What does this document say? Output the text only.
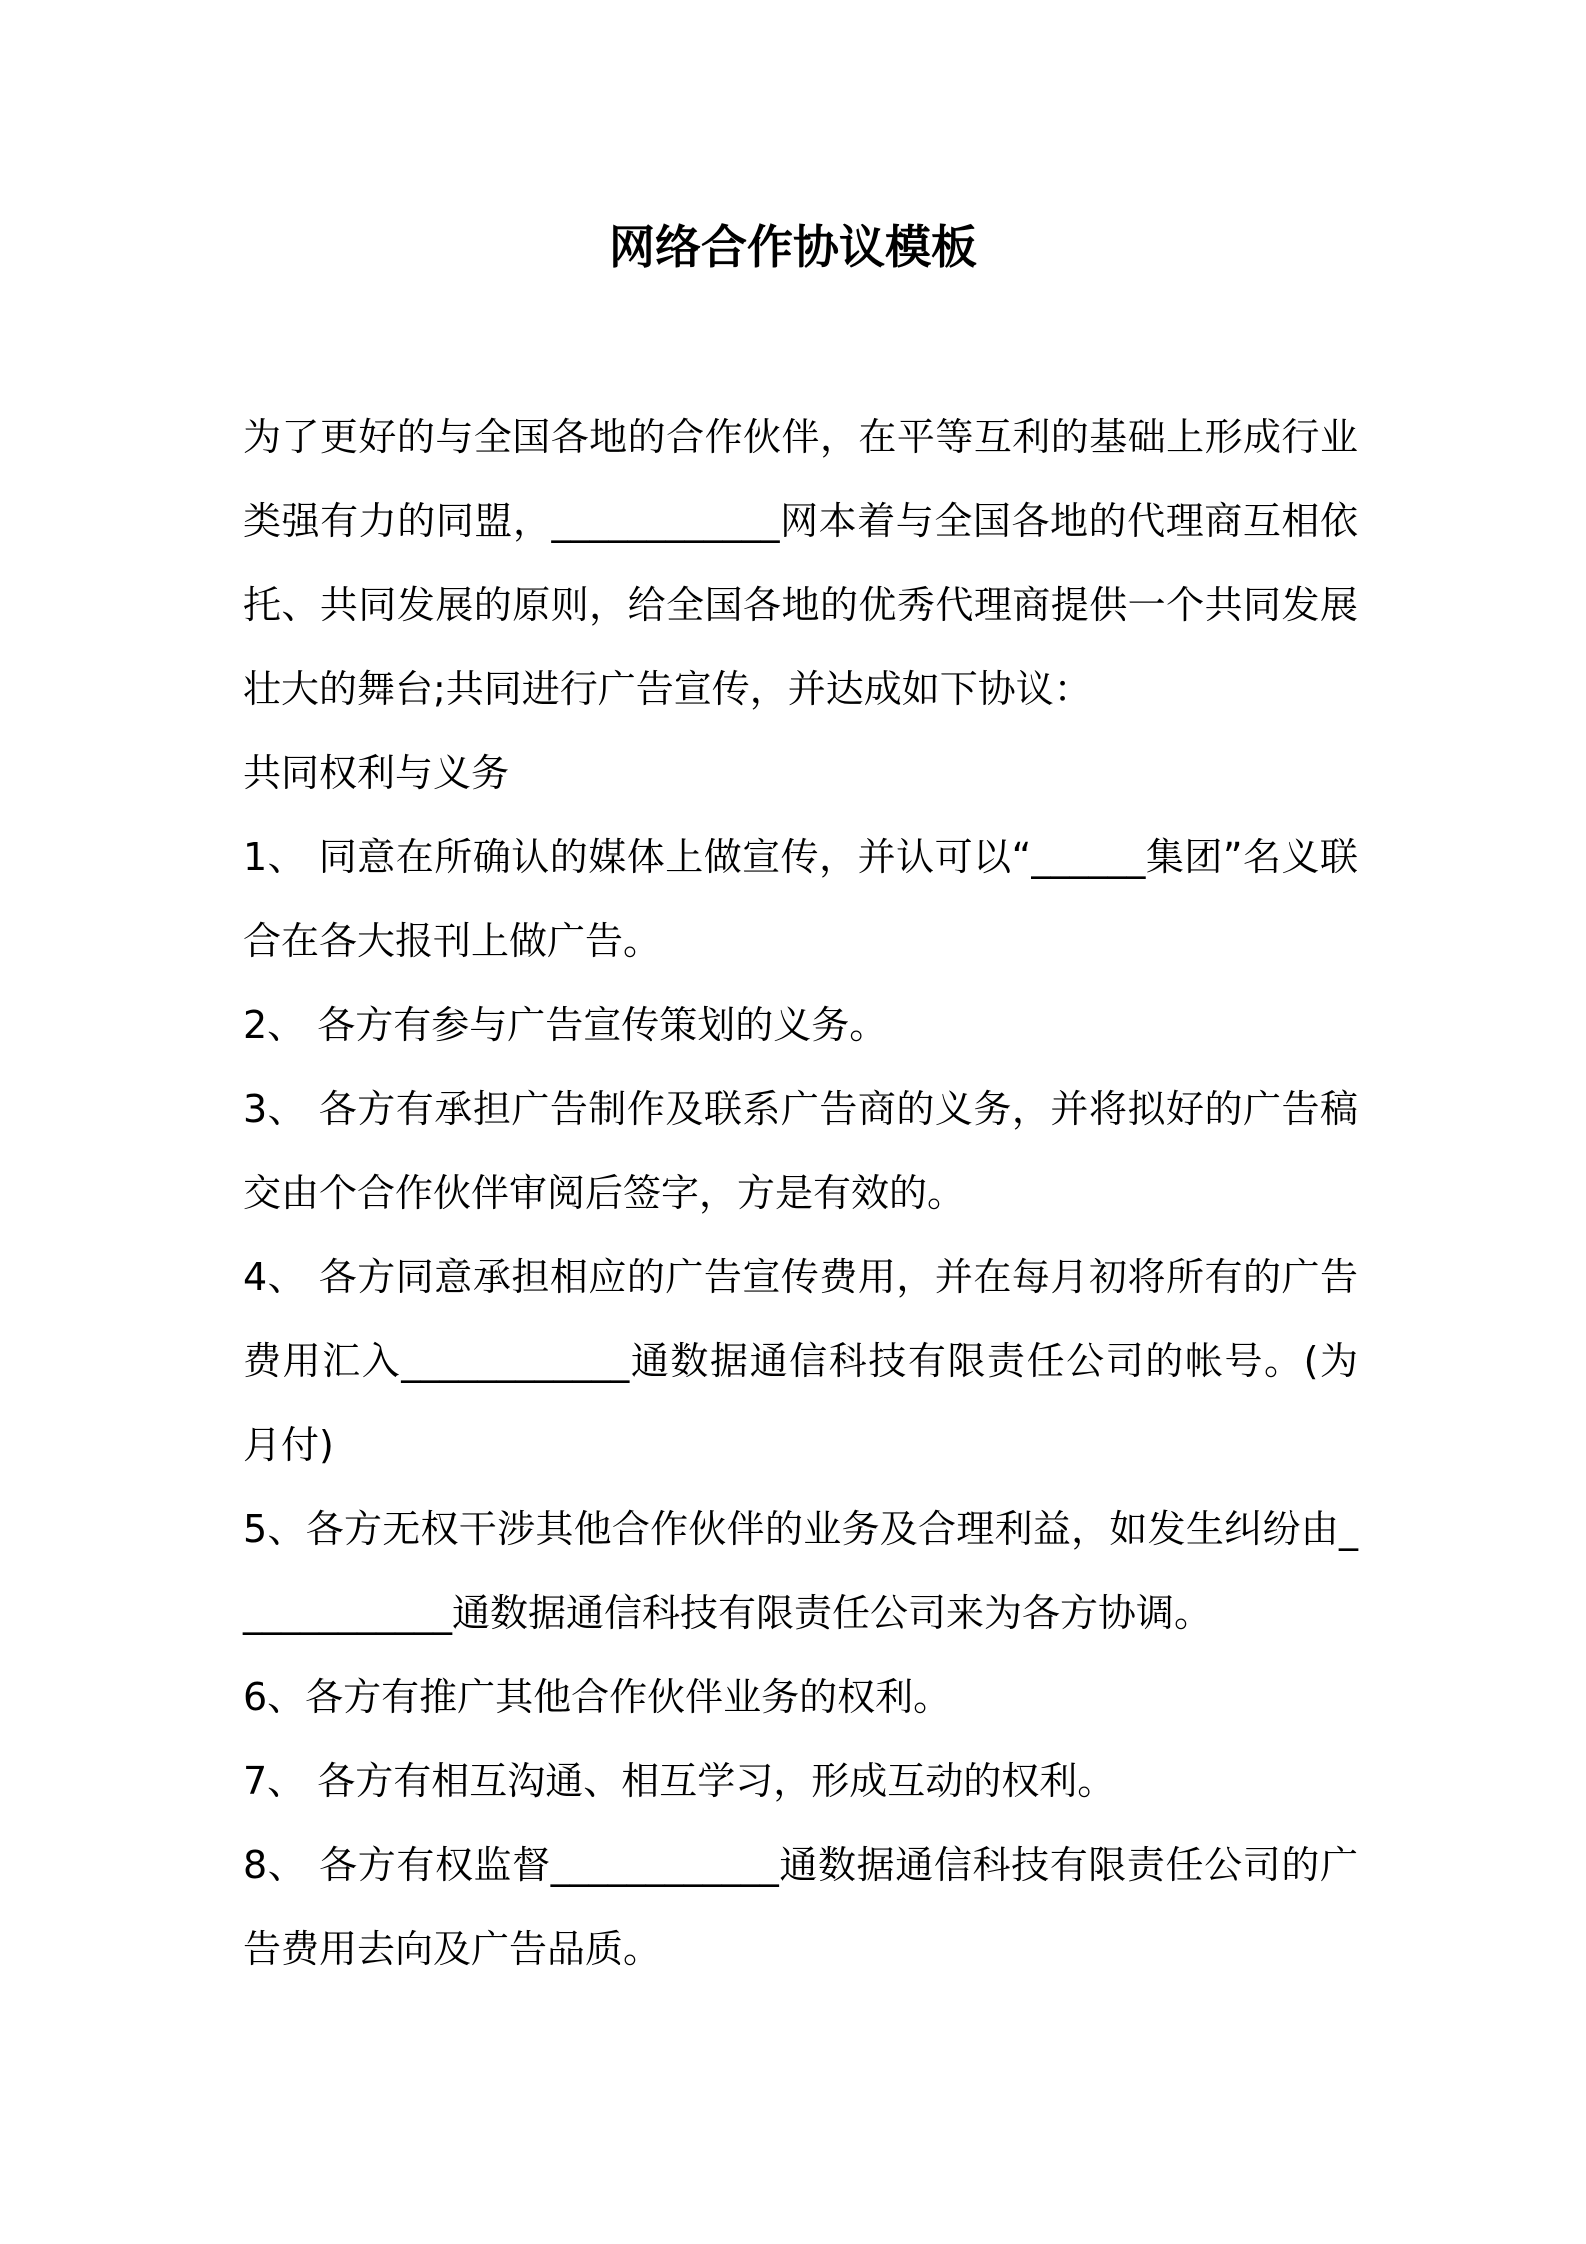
网络合作协议模板

为了更好的与全国各地的合作伙伴，在平等互利的基础上形成行业类强有力的同盟，____________网本着与全国各地的代理商互相依托、共同发展的原则，给全国各地的优秀代理商提供一个共同发展壮大的舞台;共同进行广告宣传，并达成如下协议：

共同权利与义务

1、 同意在所确认的媒体上做宣传，并认可以“______集团”名义联合在各大报刊上做广告。

2、 各方有参与广告宣传策划的义务。

3、 各方有承担广告制作及联系广告商的义务，并将拟好的广告稿交由个合作伙伴审阅后签字，方是有效的。

4、 各方同意承担相应的广告宣传费用，并在每月初将所有的广告费用汇入____________通数据通信科技有限责任公司的帐号。(为月付)

5、各方无权干涉其他合作伙伴的业务及合理利益，如发生纠纷由____________通数据通信科技有限责任公司来为各方协调。

6、各方有推广其他合作伙伴业务的权利。

7、 各方有相互沟通、相互学习，形成互动的权利。

8、 各方有权监督____________通数据通信科技有限责任公司的广告费用去向及广告品质。
